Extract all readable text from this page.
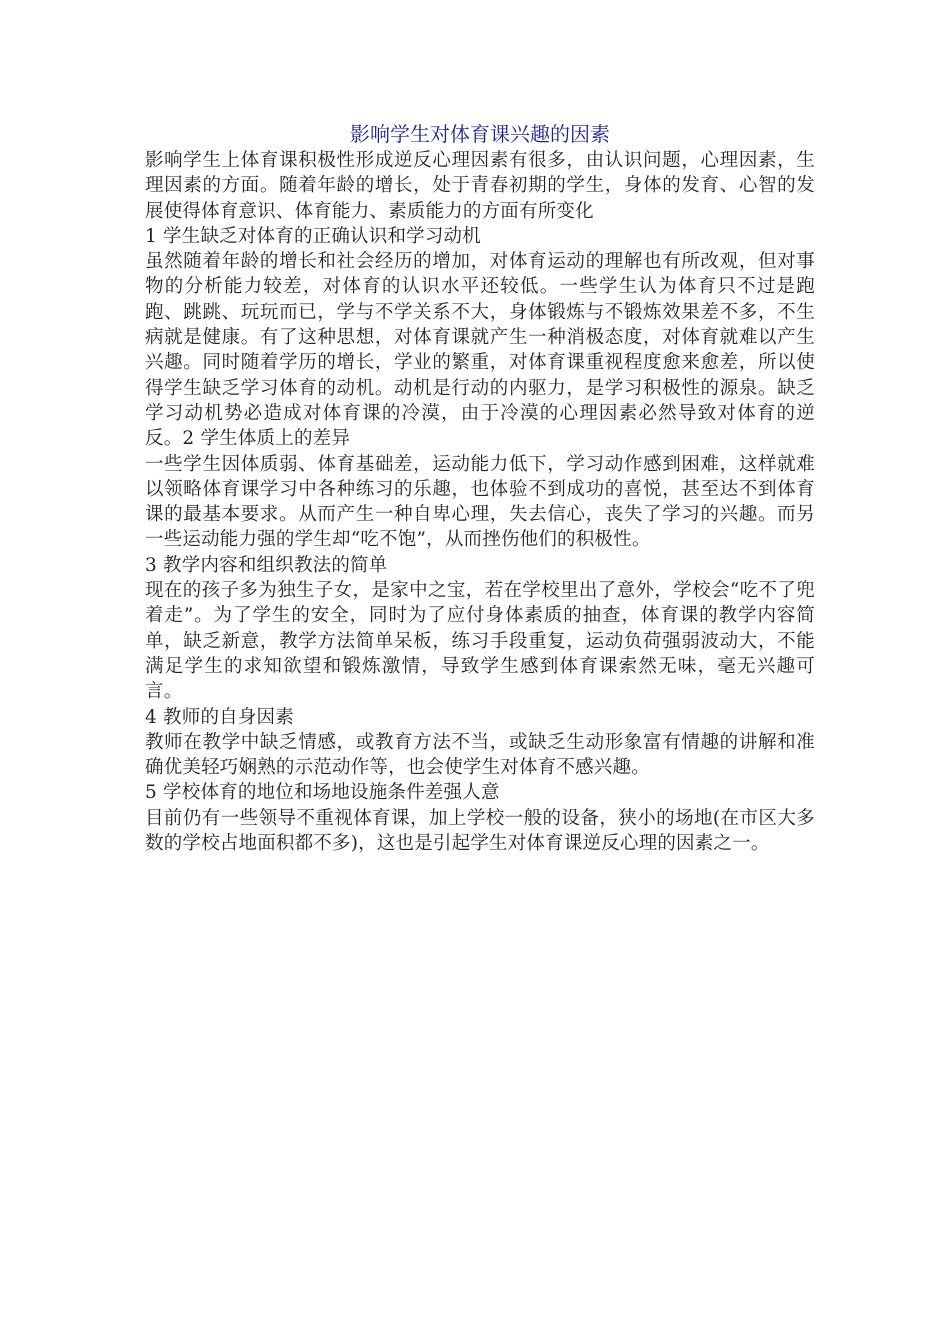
影响学生对体育课兴趣的因素

影响学生上体育课积极性形成逆反心理因素有很多，由认识问题，心理因素，生理因素的方面。随着年龄的增长，处于青春初期的学生，身体的发育、心智的发展使得体育意识、体育能力、素质能力的方面有所变化

1 学生缺乏对体育的正确认识和学习动机

虽然随着年龄的增长和社会经历的增加，对体育运动的理解也有所改观，但对事物的分析能力较差，对体育的认识水平还较低。一些学生认为体育只不过是跑跑、跳跳、玩玩而已，学与不学关系不大，身体锻炼与不锻炼效果差不多，不生病就是健康。有了这种思想，对体育课就产生一种消极态度，对体育就难以产生兴趣。同时随着学历的增长，学业的繁重，对体育课重视程度愈来愈差，所以使得学生缺乏学习体育的动机。动机是行动的内驱力，是学习积极性的源泉。缺乏学习动机势必造成对体育课的冷漠，由于冷漠的心理因素必然导致对体育的逆反。2 学生体质上的差异

一些学生因体质弱、体育基础差，运动能力低下，学习动作感到困难，这样就难以领略体育课学习中各种练习的乐趣，也体验不到成功的喜悦，甚至达不到体育课的最基本要求。从而产生一种自卑心理，失去信心，丧失了学习的兴趣。而另一些运动能力强的学生却“吃不饱”，从而挫伤他们的积极性。

3 教学内容和组织教法的简单

现在的孩子多为独生子女，是家中之宝，若在学校里出了意外，学校会“吃不了兜着走”。为了学生的安全，同时为了应付身体素质的抽查，体育课的教学内容简单，缺乏新意，教学方法简单呆板，练习手段重复，运动负荷强弱波动大，不能满足学生的求知欲望和锻炼激情，导致学生感到体育课索然无味，毫无兴趣可言。

4 教师的自身因素

教师在教学中缺乏情感，或教育方法不当，或缺乏生动形象富有情趣的讲解和准确优美轻巧娴熟的示范动作等，也会使学生对体育不感兴趣。

5 学校体育的地位和场地设施条件差强人意

目前仍有一些领导不重视体育课，加上学校一般的设备，狭小的场地(在市区大多数的学校占地面积都不多)，这也是引起学生对体育课逆反心理的因素之一。
